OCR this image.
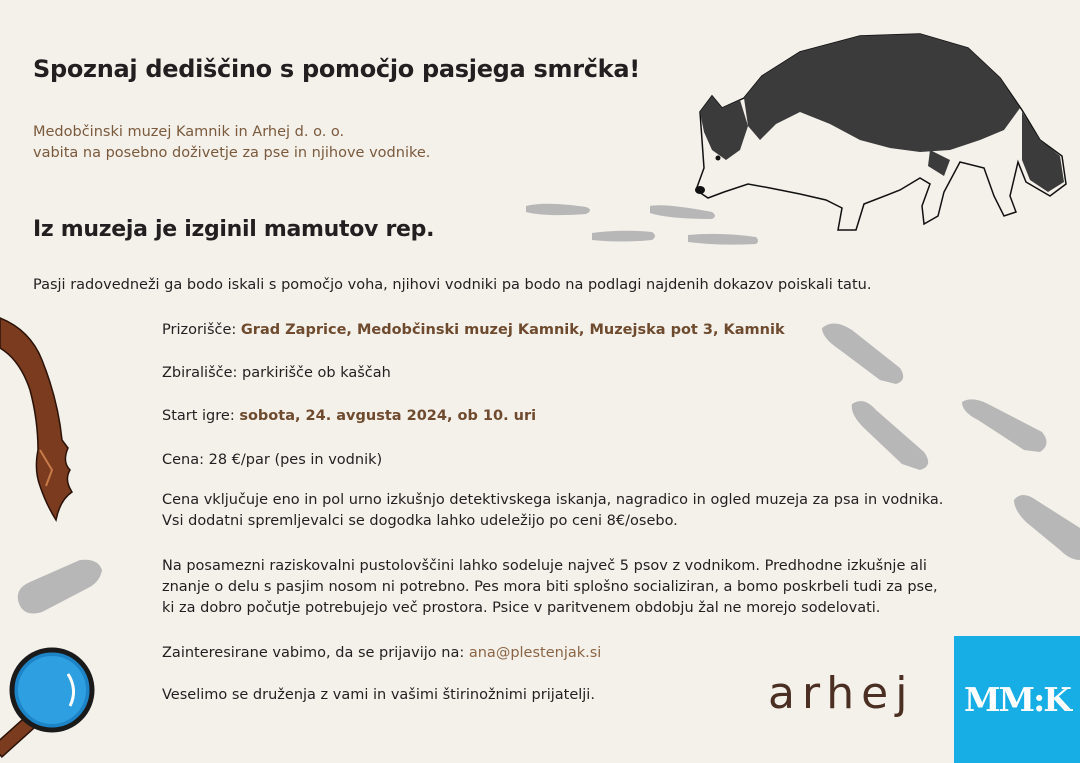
Spoznaj dediščino s pomočjo pasjega smrčka!
Medobčinski muzej Kamnik in Arhej d. o. o.
vabita na posebno doživetje za pse in njihove vodnike.
Iz muzeja je izginil mamutov rep.
Pasji radovedneži ga bodo iskali s pomočjo voha, njihovi vodniki pa bodo na podlagi najdenih dokazov poiskali tatu.
Prizorišče: Grad Zaprice, Medobčinski muzej Kamnik, Muzejska pot 3, Kamnik
Zbirališče: parkirišče ob kaščah
Start igre: sobota, 24. avgusta 2024, ob 10. uri
Cena: 28 €/par (pes in vodnik)
Cena vključuje eno in pol urno izkušnjo detektivskega iskanja, nagradico in ogled muzeja za psa in vodnika.
Vsi dodatni spremljevalci se dogodka lahko udeležijo po ceni 8€/osebo.
Na posamezni raziskovalni pustolovščini lahko sodeluje največ 5 psov z vodnikom. Predhodne izkušnje ali
znanje o delu s pasjim nosom ni potrebno. Pes mora biti splošno socializiran, a bomo poskrbeli tudi za pse,
ki za dobro počutje potrebujejo več prostora. Psice v paritvenem obdobju žal ne morejo sodelovati.
Zainteresirane vabimo, da se prijavijo na: ana@plestenjak.si
Veselimo se druženja z vami in vašimi štirinožnimi prijatelji.	arhej	MM:K
